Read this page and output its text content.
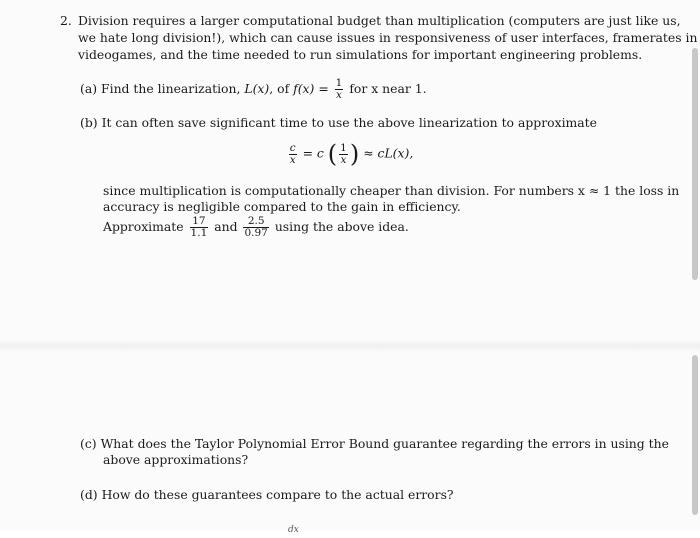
2. Division requires a larger computational budget than multiplication (computers are just like us,
we hate long division!), which can cause issues in responsiveness of user interfaces, framerates in
videogames, and the time needed to run simulations for important engineering problems.
(a) Find the linearization, L(x), of $f(x) = \frac{1}{x}$ for x near 1.
(b) It can often save significant time to use the above linearization to approximate
$\frac{c}{x} = c$ ( $\frac{1}{x}$ ) ≈ cL(x),
since multiplication is computationally cheaper than division. For numbers x ≈ 1 the loss in
accuracy is negligible compared to the gain in efficiency.
Approximate $\frac{17}{1.1}$ and $\frac{2.5}{0.97}$ using the above idea.
(c) What does the Taylor Polynomial Error Bound guarantee regarding the errors in using the
above approximations?
(d) How do these guarantees compare to the actual errors?
dx
